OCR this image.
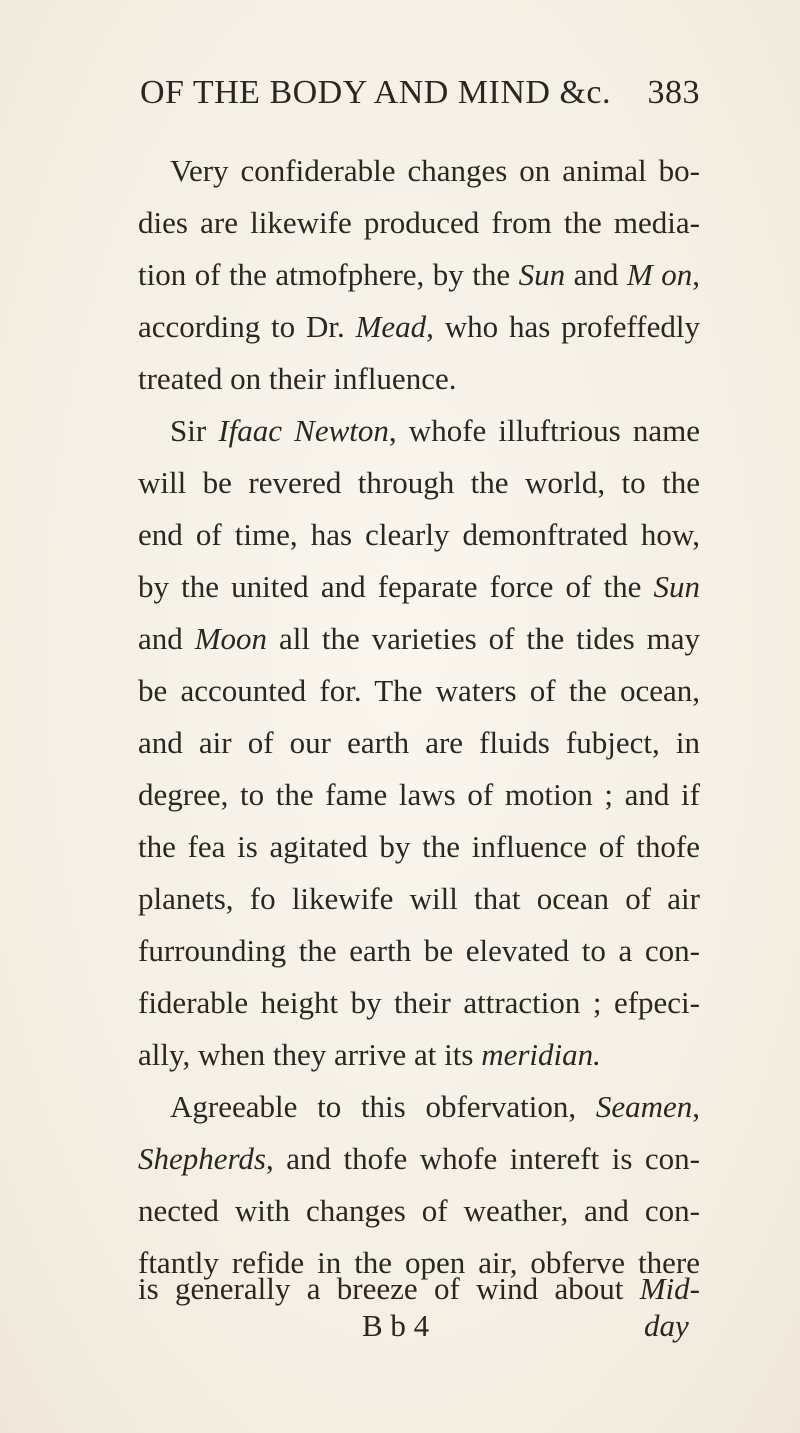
OF THE BODY AND MIND &c. 383
Very confiderable changes on animal bo-
dies are likewife produced from the media-
tion of the atmofphere, by the Sun and M on,
according to Dr. Mead, who has profeffedly
treated on their influence.
Sir Ifaac Newton, whofe illuftrious name
will be revered through the world, to the
end of time, has clearly demonftrated how,
by the united and feparate force of the Sun
and Moon all the varieties of the tides may
be accounted for. The waters of the ocean,
and air of our earth are fluids fubject, in
degree, to the fame laws of motion ; and if
the fea is agitated by the influence of thofe
planets, fo likewife will that ocean of air
furrounding the earth be elevated to a con-
fiderable height by their attraction ; efpeci-
ally, when they arrive at its meridian.
Agreeable to this obfervation, Seamen,
Shepherds, and thofe whofe intereft is con-
nected with changes of weather, and con-
ftantly refide in the open air, obferve there
is generally a breeze of wind about Mid-
B b 4	day
